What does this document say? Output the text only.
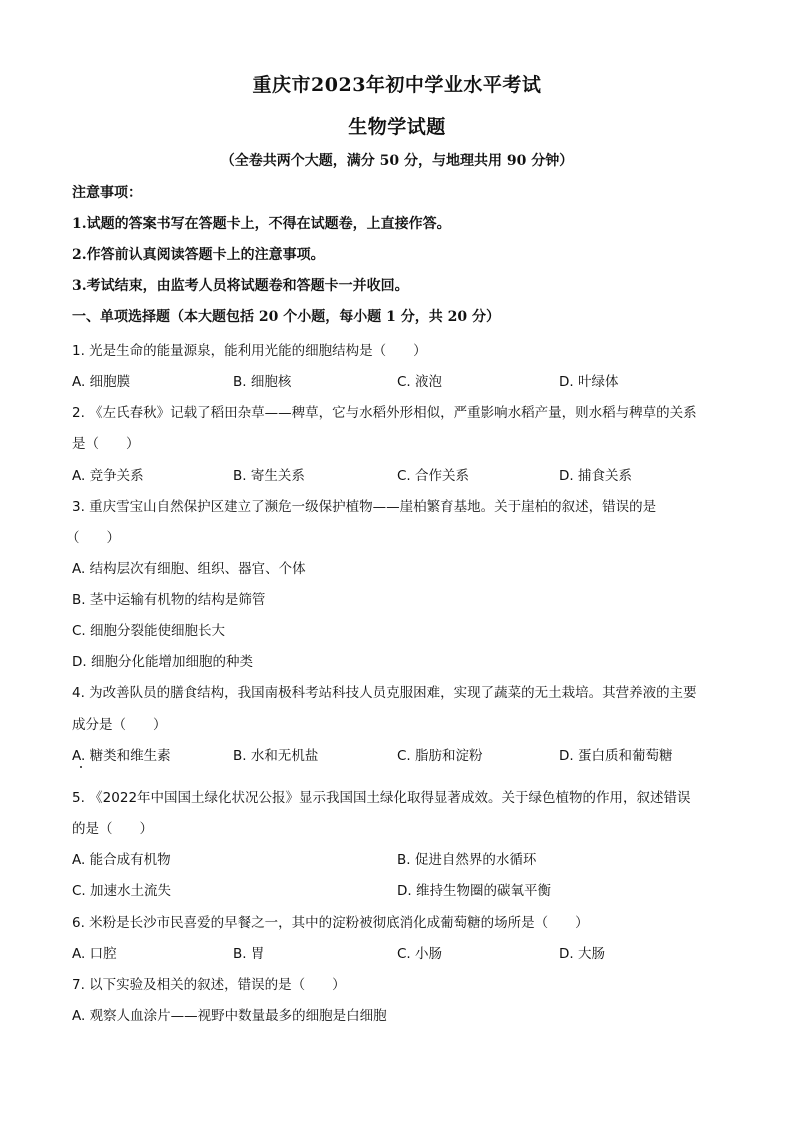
重庆市2023年初中学业水平考试
生物学试题
（全卷共两个大题，满分 50 分，与地理共用 90 分钟）
注意事项：
1.试题的答案书写在答题卡上，不得在试题卷，上直接作答。
2.作答前认真阅读答题卡上的注意事项。
3.考试结束，由监考人员将试题卷和答题卡一并收回。
一、单项选择题（本大题包括 20 个小题，每小题 1 分，共 20 分）
1. 光是生命的能量源泉，能利用光能的细胞结构是（　　）
A. 细胞膜	B. 细胞核	C. 液泡	D. 叶绿体
2. 《左氏春秋》记载了稻田杂草——稗草，它与水稻外形相似，严重影响水稻产量，则水稻与稗草的关系
是（　　）
A. 竞争关系	B. 寄生关系	C. 合作关系	D. 捕食关系
3. 重庆雪宝山自然保护区建立了濒危一级保护植物——崖柏繁育基地。关于崖柏的叙述，错误的是
（　　）
A. 结构层次有细胞、组织、器官、个体
B. 茎中运输有机物的结构是筛管
C. 细胞分裂能使细胞长大
D. 细胞分化能增加细胞的种类
4. 为改善队员的膳食结构，我国南极科考站科技人员克服困难，实现了蔬菜的无土栽培。其营养液的主要
成分是（　　）
A. 糖类和维生素	B. 水和无机盐	C. 脂肪和淀粉	D. 蛋白质和葡萄糖
5. 《2022年中国国土绿化状况公报》显示我国国土绿化取得显著成效。关于绿色植物的作用，叙述错误
的是（　　）
A. 能合成有机物	B. 促进自然界的水循环
C. 加速水土流失	D. 维持生物圈的碳氧平衡
6. 米粉是长沙市民喜爱的早餐之一，其中的淀粉被彻底消化成葡萄糖的场所是（　　）
A. 口腔	B. 胃	C. 小肠	D. 大肠
7. 以下实验及相关的叙述，错误的是（　　）
A. 观察人血涂片——视野中数量最多的细胞是白细胞
